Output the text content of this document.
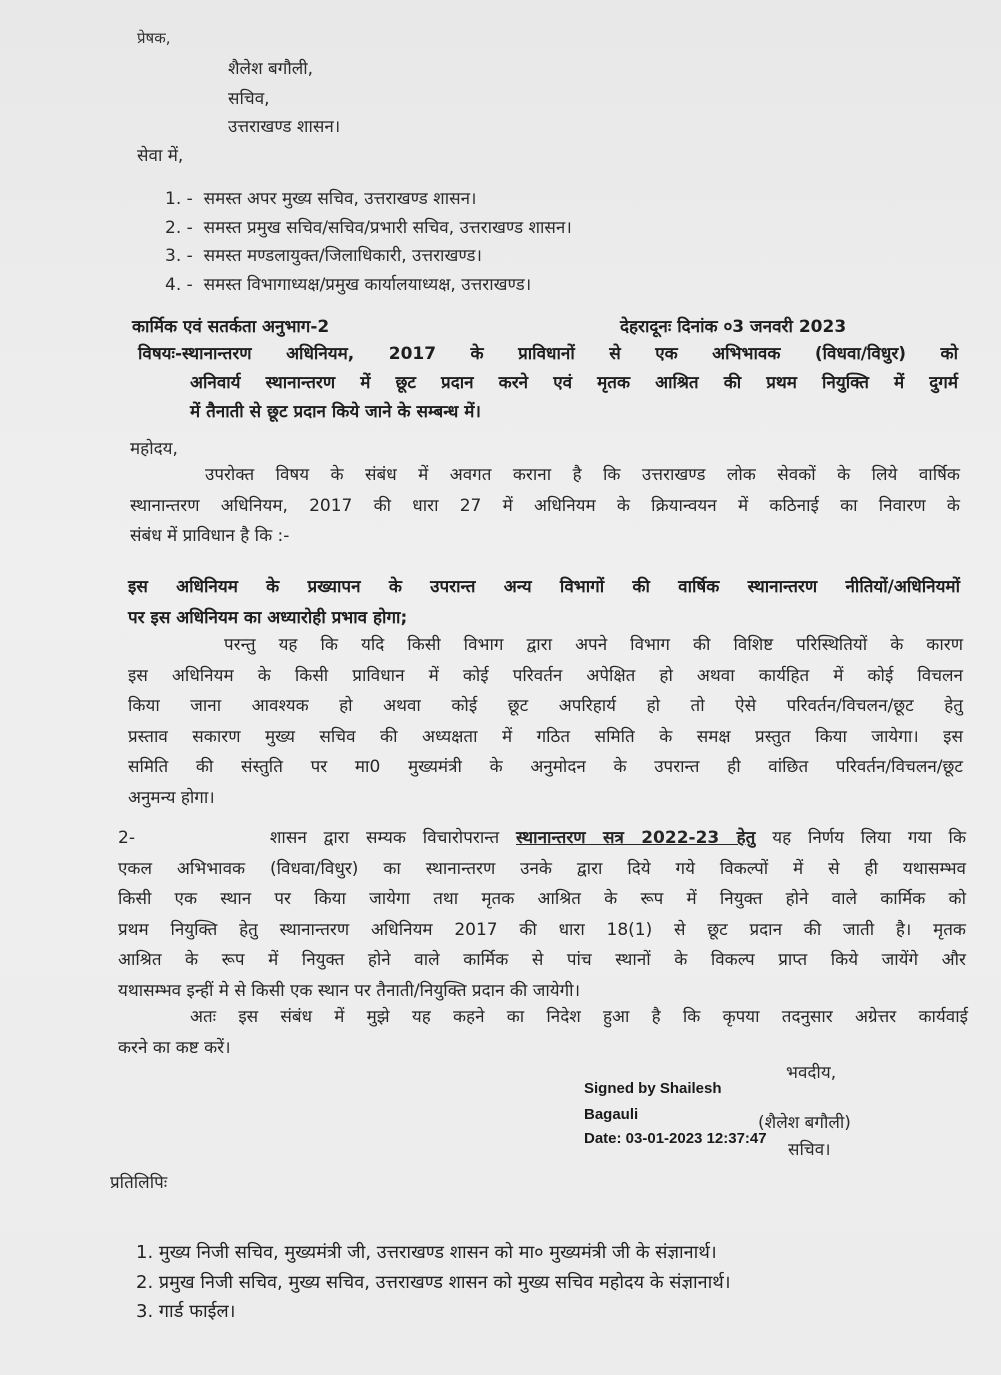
प्रेषक,
शैलेश बगौली,
सचिव,
उत्तराखण्ड शासन।
सेवा में,
1. - समस्त अपर मुख्य सचिव, उत्तराखण्ड शासन।
2. - समस्त प्रमुख सचिव/सचिव/प्रभारी सचिव, उत्तराखण्ड शासन।
3. - समस्त मण्डलायुक्त/जिलाधिकारी, उत्तराखण्ड।
4. - समस्त विभागाध्यक्ष/प्रमुख कार्यालयाध्यक्ष, उत्तराखण्ड।
कार्मिक एवं सतर्कता अनुभाग-2	देहरादूनः दिनांक ०3 जनवरी 2023
विषयः-स्थानान्तरण अधिनियम, 2017 के प्राविधानों से एक अभिभावक (विधवा/विधुर) को
अनिवार्य स्थानान्तरण में छूट प्रदान करने एवं मृतक आश्रित की प्रथम नियुक्ति में दुगर्म
में तैनाती से छूट प्रदान किये जाने के सम्बन्ध में।
महोदय,
उपरोक्त विषय के संबंध में अवगत कराना है कि उत्तराखण्ड लोक सेवकों के लिये वार्षिक
स्थानान्तरण अधिनियम, 2017 की धारा 27 में अधिनियम के क्रियान्वयन में कठिनाई का निवारण के
संबंध में प्राविधान है कि :-
इस अधिनियम के प्रख्यापन के उपरान्त अन्य विभागों की वार्षिक स्थानान्तरण नीतियों/अधिनियमों
पर इस अधिनियम का अध्यारोही प्रभाव होगा;
परन्तु यह कि यदि किसी विभाग द्वारा अपने विभाग की विशिष्ट परिस्थितियों के कारण
इस अधिनियम के किसी प्राविधान में कोई परिवर्तन अपेक्षित हो अथवा कार्यहित में कोई विचलन
किया जाना आवश्यक हो अथवा कोई छूट अपरिहार्य हो तो ऐसे परिवर्तन/विचलन/छूट हेतु
प्रस्ताव सकारण मुख्य सचिव की अध्यक्षता में गठित समिति के समक्ष प्रस्तुत किया जायेगा। इस
समिति की संस्तुति पर मा0 मुख्यमंत्री के अनुमोदन के उपरान्त ही वांछित परिवर्तन/विचलन/छूट
अनुमन्य होगा।
2-	शासन द्वारा सम्यक विचारोपरान्त स्थानान्तरण सत्र 2022-23 हेतु यह निर्णय लिया गया कि
एकल अभिभावक (विधवा/विधुर) का स्थानान्तरण उनके द्वारा दिये गये विकल्पों में से ही यथासम्भव
किसी एक स्थान पर किया जायेगा तथा मृतक आश्रित के रूप में नियुक्त होने वाले कार्मिक को
प्रथम नियुक्ति हेतु स्थानान्तरण अधिनियम 2017 की धारा 18(1) से छूट प्रदान की जाती है। मृतक
आश्रित के रूप में नियुक्त होने वाले कार्मिक से पांच स्थानों के विकल्प प्राप्त किये जायेंगे और
यथासम्भव इन्हीं मे से किसी एक स्थान पर तैनाती/नियुक्ति प्रदान की जायेगी।
अतः इस संबंध में मुझे यह कहने का निदेश हुआ है कि कृपया तदनुसार अग्रेत्तर कार्यवाई
करने का कष्ट करें।
भवदीय,
Signed by Shailesh
Bagauli
Date: 03-01-2023 12:37:47
(शैलेश बगौली)
सचिव।
प्रतिलिपिः
1. मुख्य निजी सचिव, मुख्यमंत्री जी, उत्तराखण्ड शासन को मा० मुख्यमंत्री जी के संज्ञानार्थ।
2. प्रमुख निजी सचिव, मुख्य सचिव, उत्तराखण्ड शासन को मुख्य सचिव महोदय के संज्ञानार्थ।
3. गार्ड फाईल।
